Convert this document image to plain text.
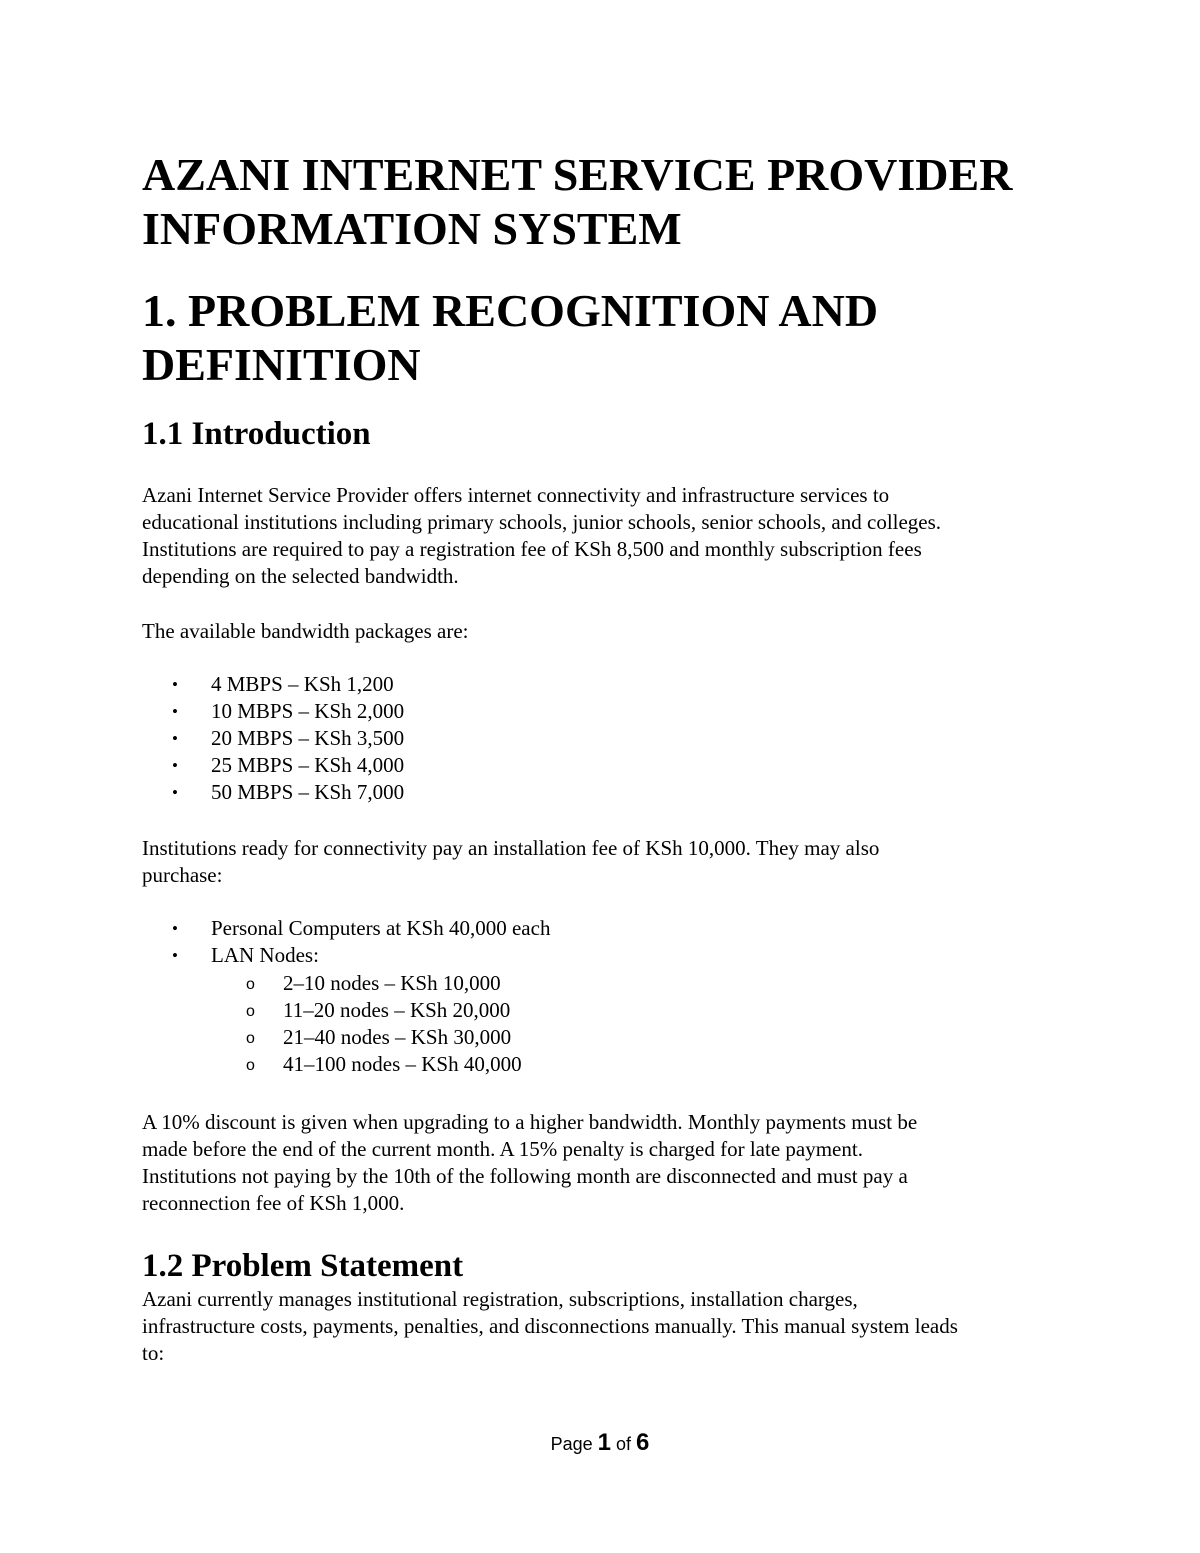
AZANI INTERNET SERVICE PROVIDER
INFORMATION SYSTEM
1. PROBLEM RECOGNITION AND
DEFINITION
1.1 Introduction
Azani Internet Service Provider offers internet connectivity and infrastructure services to
educational institutions including primary schools, junior schools, senior schools, and colleges.
Institutions are required to pay a registration fee of KSh 8,500 and monthly subscription fees
depending on the selected bandwidth.
The available bandwidth packages are:
• 4 MBPS – KSh 1,200
• 10 MBPS – KSh 2,000
• 20 MBPS – KSh 3,500
• 25 MBPS – KSh 4,000
• 50 MBPS – KSh 7,000
Institutions ready for connectivity pay an installation fee of KSh 10,000. They may also
purchase:
• Personal Computers at KSh 40,000 each
• LAN Nodes:
o 2–10 nodes – KSh 10,000
o 11–20 nodes – KSh 20,000
o 21–40 nodes – KSh 30,000
o 41–100 nodes – KSh 40,000
A 10% discount is given when upgrading to a higher bandwidth. Monthly payments must be
made before the end of the current month. A 15% penalty is charged for late payment.
Institutions not paying by the 10th of the following month are disconnected and must pay a
reconnection fee of KSh 1,000.
1.2 Problem Statement
Azani currently manages institutional registration, subscriptions, installation charges,
infrastructure costs, payments, penalties, and disconnections manually. This manual system leads
to:
Page 1 of 6
